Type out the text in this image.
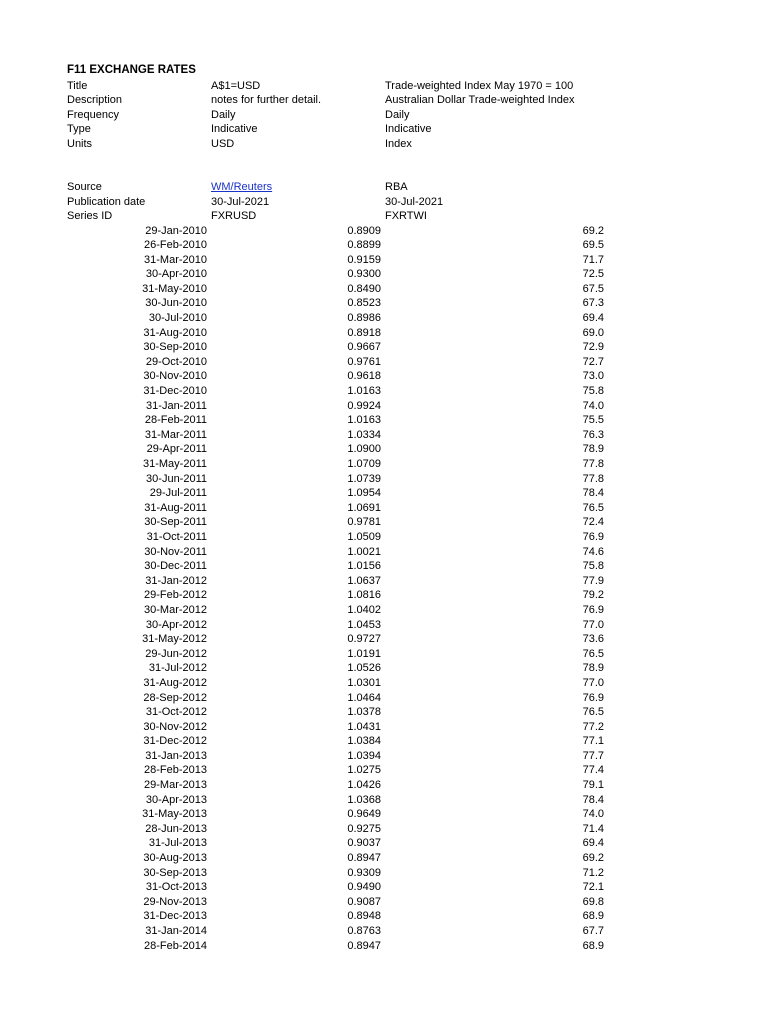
F11 EXCHANGE RATES
Title	A$1=USD	Trade-weighted Index May 1970 = 100
Description	notes for further detail.	Australian Dollar Trade-weighted Index
Frequency	Daily	Daily
Type	Indicative	Indicative
Units	USD	Index
Source	WM/Reuters	RBA
Publication date	30-Jul-2021	30-Jul-2021
Series ID	FXRUSD	FXRTWI
29-Jan-2010	0.8909	69.2
26-Feb-2010	0.8899	69.5
31-Mar-2010	0.9159	71.7
30-Apr-2010	0.9300	72.5
31-May-2010	0.8490	67.5
30-Jun-2010	0.8523	67.3
30-Jul-2010	0.8986	69.4
31-Aug-2010	0.8918	69.0
30-Sep-2010	0.9667	72.9
29-Oct-2010	0.9761	72.7
30-Nov-2010	0.9618	73.0
31-Dec-2010	1.0163	75.8
31-Jan-2011	0.9924	74.0
28-Feb-2011	1.0163	75.5
31-Mar-2011	1.0334	76.3
29-Apr-2011	1.0900	78.9
31-May-2011	1.0709	77.8
30-Jun-2011	1.0739	77.8
29-Jul-2011	1.0954	78.4
31-Aug-2011	1.0691	76.5
30-Sep-2011	0.9781	72.4
31-Oct-2011	1.0509	76.9
30-Nov-2011	1.0021	74.6
30-Dec-2011	1.0156	75.8
31-Jan-2012	1.0637	77.9
29-Feb-2012	1.0816	79.2
30-Mar-2012	1.0402	76.9
30-Apr-2012	1.0453	77.0
31-May-2012	0.9727	73.6
29-Jun-2012	1.0191	76.5
31-Jul-2012	1.0526	78.9
31-Aug-2012	1.0301	77.0
28-Sep-2012	1.0464	76.9
31-Oct-2012	1.0378	76.5
30-Nov-2012	1.0431	77.2
31-Dec-2012	1.0384	77.1
31-Jan-2013	1.0394	77.7
28-Feb-2013	1.0275	77.4
29-Mar-2013	1.0426	79.1
30-Apr-2013	1.0368	78.4
31-May-2013	0.9649	74.0
28-Jun-2013	0.9275	71.4
31-Jul-2013	0.9037	69.4
30-Aug-2013	0.8947	69.2
30-Sep-2013	0.9309	71.2
31-Oct-2013	0.9490	72.1
29-Nov-2013	0.9087	69.8
31-Dec-2013	0.8948	68.9
31-Jan-2014	0.8763	67.7
28-Feb-2014	0.8947	68.9
